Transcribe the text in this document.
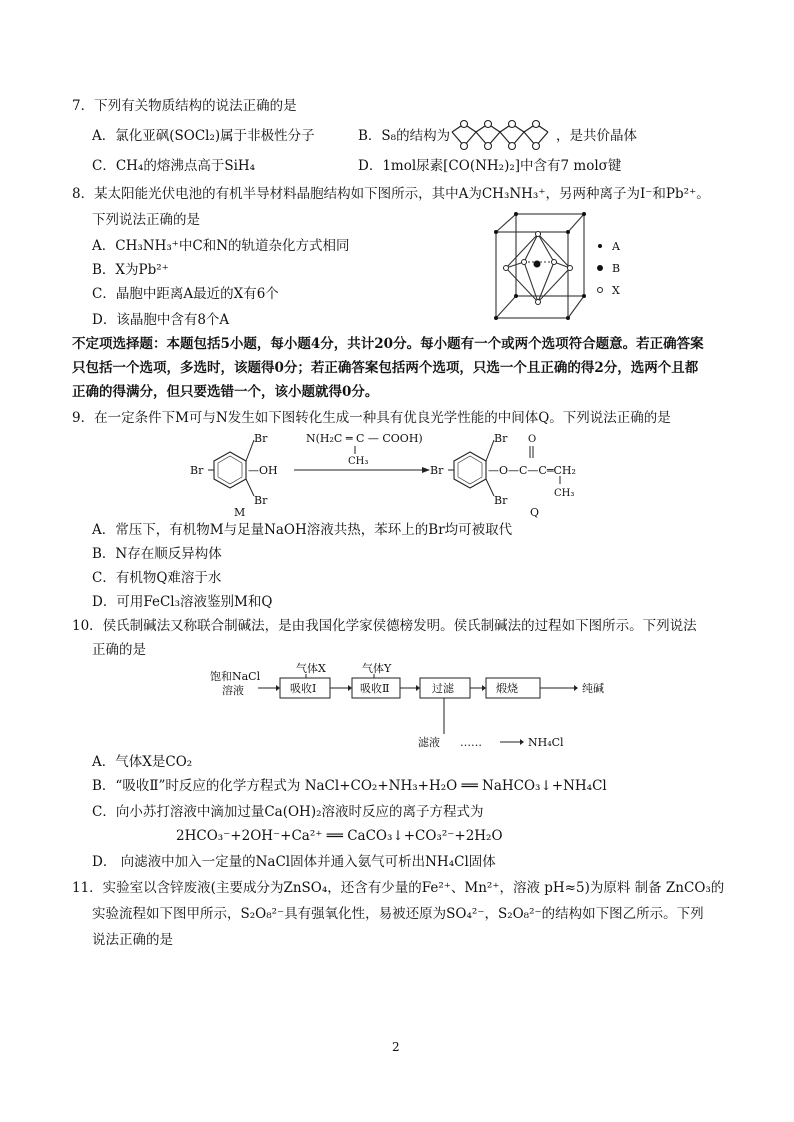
7．下列有关物质结构的说法正确的是
A．氯化亚砜(SOCl₂)属于非极性分子	B．S₈的结构为	，是共价晶体
C．CH₄的熔沸点高于SiH₄	D．1mol尿素[CO(NH₂)₂]中含有7 molσ键
8．某太阳能光伏电池的有机半导材料晶胞结构如下图所示，其中A为CH₃NH₃⁺，另两种离子为I⁻和Pb²⁺。
下列说法正确的是
A．CH₃NH₃⁺中C和N的轨道杂化方式相同
B．X为Pb²⁺
C．晶胞中距离A最近的X有6个
D．该晶胞中含有8个A
A
B
X
不定项选择题：本题包括5小题，每小题4分，共计20分。每小题有一个或两个选项符合题意。若正确答案
只包括一个选项，多选时，该题得0分；若正确答案包括两个选项，只选一个且正确的得2分，选两个且都
正确的得满分，但只要选错一个，该小题就得0分。
9．在一定条件下M可与N发生如下图转化生成一种具有优良光学性能的中间体Q。下列说法正确的是
Br
Br
Br	—OH
M
N(H₂C ═ C — COOH)
CH₃
Br
Br
Br
—O—C—C═CH₂
O
CH₃
Q
A．常压下，有机物M与足量NaOH溶液共热，苯环上的Br均可被取代
B．N存在顺反异构体
C．有机物Q难溶于水
D．可用FeCl₃溶液鉴别M和Q
10．侯氏制碱法又称联合制碱法，是由我国化学家侯德榜发明。侯氏制碱法的过程如下图所示。下列说法
正确的是
饱和NaCl
溶液
气体X	气体Y
吸收Ⅰ	吸收Ⅱ	过滤	煅烧	纯碱
滤液 ……	NH₄Cl
A．气体X是CO₂
B．“吸收Ⅱ”时反应的化学方程式为 NaCl+CO₂+NH₃+H₂O ══ NaHCO₃↓+NH₄Cl
C．向小苏打溶液中滴加过量Ca(OH)₂溶液时反应的离子方程式为
2HCO₃⁻+2OH⁻+Ca²⁺ ══ CaCO₃↓+CO₃²⁻+2H₂O
D． 向滤液中加入一定量的NaCl固体并通入氨气可析出NH₄Cl固体
11．实验室以含锌废液(主要成分为ZnSO₄，还含有少量的Fe²⁺、Mn²⁺，溶液 pH≈5)为原料 制备 ZnCO₃的
实验流程如下图甲所示，S₂O₈²⁻具有强氧化性，易被还原为SO₄²⁻，S₂O₈²⁻的结构如下图乙所示。下列
说法正确的是
2
